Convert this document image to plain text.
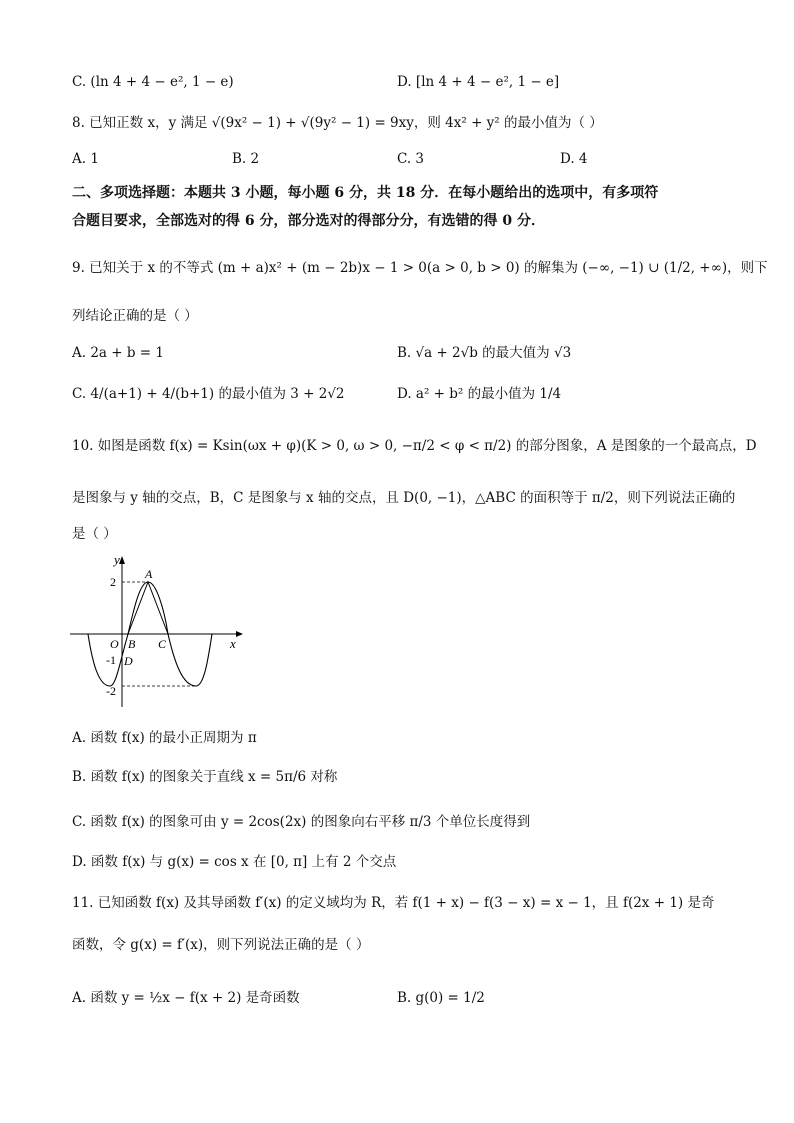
C. (ln 4 + 4 − e², 1 − e)	D. [ln 4 + 4 − e², 1 − e]
8. 已知正数 x，y 满足 √(9x² − 1) + √(9y² − 1) = 9xy，则 4x² + y² 的最小值为（ ）
A. 1	B. 2	C. 3	D. 4
二、多项选择题：本题共 3 小题，每小题 6 分，共 18 分．在每小题给出的选项中，有多项符
合题目要求，全部选对的得 6 分，部分选对的得部分分，有选错的得 0 分．
9. 已知关于 x 的不等式 (m + a)x² + (m − 2b)x − 1 > 0(a > 0, b > 0) 的解集为 (−∞, −1) ∪ (1/2, +∞)，则下
列结论正确的是（ ）
A. 2a + b = 1	B. √a + 2√b 的最大值为 √3
C. 4/(a+1) + 4/(b+1) 的最小值为 3 + 2√2	D. a² + b² 的最小值为 1/4
10. 如图是函数 f(x) = Ksin(ωx + φ)(K > 0, ω > 0, −π/2 < φ < π/2) 的部分图象，A 是图象的一个最高点，D
是图象与 y 轴的交点，B，C 是图象与 x 轴的交点，且 D(0, −1)，△ABC 的面积等于 π/2，则下列说法正确的
是（ ）
y
x
2
-1
-2
A
O B C
D
A. 函数 f(x) 的最小正周期为 π
B. 函数 f(x) 的图象关于直线 x = 5π/6 对称
C. 函数 f(x) 的图象可由 y = 2cos(2x) 的图象向右平移 π/3 个单位长度得到
D. 函数 f(x) 与 g(x) = cos x 在 [0, π] 上有 2 个交点
11. 已知函数 f(x) 及其导函数 f′(x) 的定义域均为 R，若 f(1 + x) − f(3 − x) = x − 1，且 f(2x + 1) 是奇
函数，令 g(x) = f′(x)，则下列说法正确的是（ ）
A. 函数 y = ½x − f(x + 2) 是奇函数	B. g(0) = 1/2
